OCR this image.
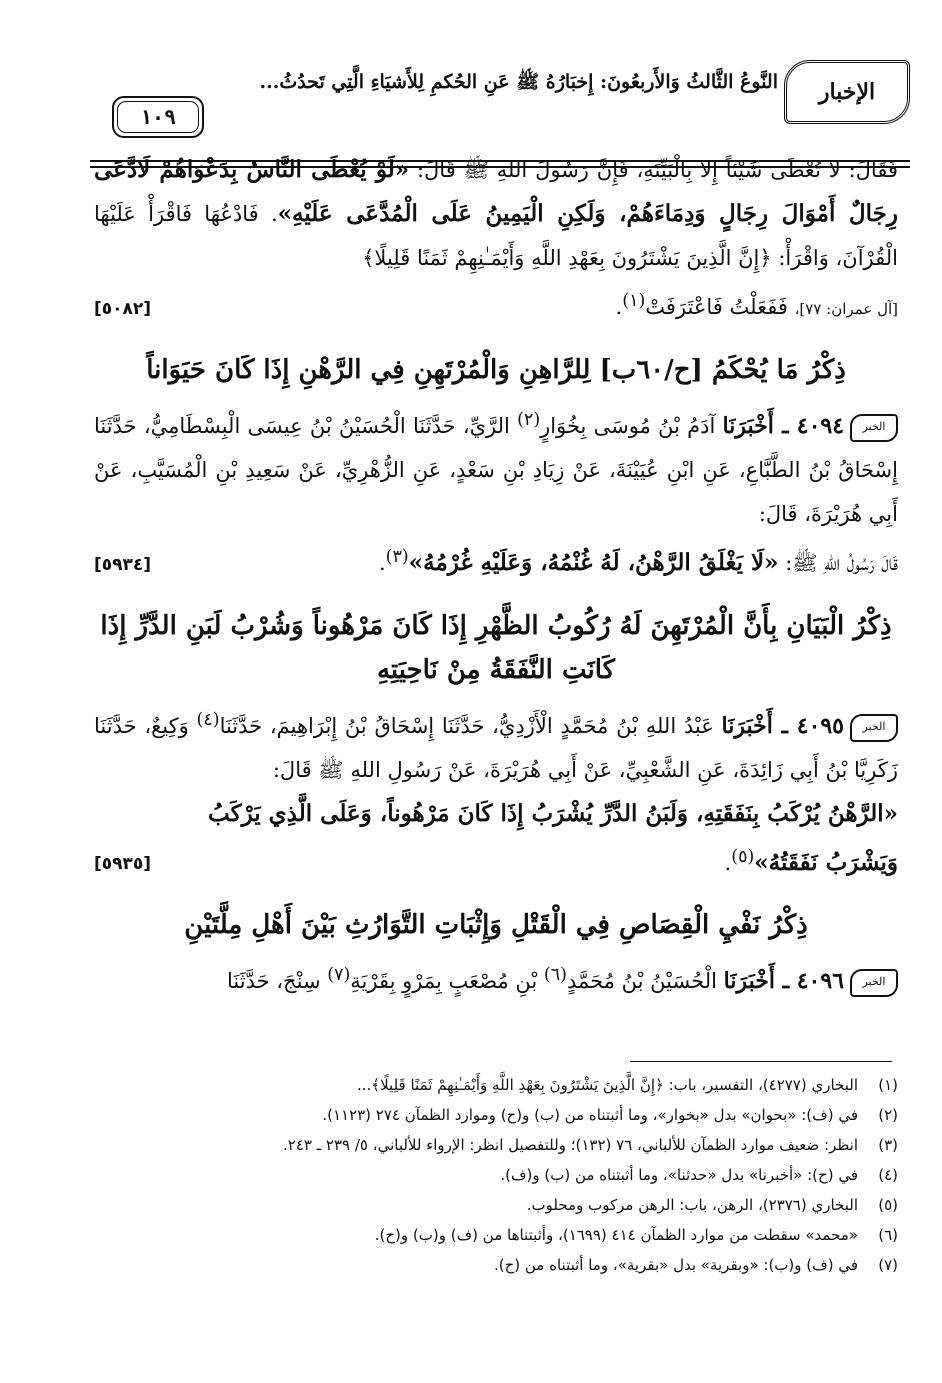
الإخبار
النَّوعُ الثَّالثُ وَالأَربعُونَ: إِخبَارُهُ ﷺ عَنِ الحُكمِ لِلأَشيَاءِ الَّتِي تَحدُثُ...
١٠٩

فَقَالَ: لا تُعْطَى شَيْئاً إِلا بِالْبَيِّنَةِ، فَإِنَّ رَسُولَ اللهِ ﷺ قَالَ: «لَوْ يُعْطَى النَّاسُ بِدَعْوَاهُمْ لَادَّعَى رِجَالٌ أَمْوَالَ رِجَالٍ وَدِمَاءَهُمْ، وَلَكِنِ الْيَمِينُ عَلَى الْمُدَّعَى عَلَيْهِ». فَادْعُهَا فَاقْرَأْ عَلَيْهَا الْقُرْآنَ، وَاقْرَأْ: ﴿إِنَّ الَّذِينَ يَشْتَرُونَ بِعَهْدِ اللَّهِ وَأَيْمَـٰنِهِمْ ثَمَنًا قَلِيلًا﴾

[آل عمران: ٧٧]، فَفَعَلْتُ فَاعْتَرَفَتْ$^{(١)}$.
[٥٠٨٢]
ذِكْرُ مَا يُحْكَمُ [ح/٦٠ب] لِلرَّاهِنِ وَالْمُرْتَهِنِ فِي الرَّهْنِ إِذَا كَانَ حَيَوَاناً

الخبر٤٠٩٤ ـ أَخْبَرَنَا آدَمُ بْنُ مُوسَى بِخُوَارٍ$^{(٢)}$ الرَّيِّ، حَدَّثَنَا الْحُسَيْنُ بْنُ عِيسَى الْبِسْطَامِيُّ، حَدَّثَنَا إِسْحَاقُ بْنُ الطَّبَّاعِ، عَنِ ابْنِ عُيَيْنَةَ، عَنْ زِيَادِ بْنِ سَعْدٍ، عَنِ الزُّهْرِيِّ، عَنْ سَعِيدِ بْنِ الْمُسَيَّبِ، عَنْ أَبِي هُرَيْرَةَ، قَالَ:

قَالَ رَسُولُ اللهِ ﷺ: «لَا يَغْلَقُ الرَّهْنُ، لَهُ غُنْمُهُ، وَعَلَيْهِ غُرْمُهُ»$^{(٣)}$.
[٥٩٣٤]
ذِكْرُ الْبَيَانِ بِأَنَّ الْمُرْتَهِنَ لَهُ رُكُوبُ الظَّهْرِ إِذَا كَانَ مَرْهُوناً وَشُرْبُ لَبَنِ الدَّرِّ إِذَا كَانَتِ النَّفَقَةُ مِنْ نَاحِيَتِهِ

الخبر٤٠٩٥ ـ أَخْبَرَنَا عَبْدُ اللهِ بْنُ مُحَمَّدٍ الْأَزْدِيُّ، حَدَّثَنَا إِسْحَاقُ بْنُ إِبْرَاهِيمَ، حَدَّثَنَا$^{(٤)}$ وَكِيعٌ، حَدَّثَنَا زَكَرِيَّا بْنُ أَبِي زَائِدَةَ، عَنِ الشَّعْبِيِّ، عَنْ أَبِي هُرَيْرَةَ، عَنْ رَسُولِ اللهِ ﷺ قَالَ:

«الرَّهْنُ يُرْكَبُ بِنَفَقَتِهِ، وَلَبَنُ الدَّرِّ يُشْرَبُ إِذَا كَانَ مَرْهُوناً، وَعَلَى الَّذِي يَرْكَبُ وَيَشْرَبُ نَفَقَتُهُ»$^{(٥)}$.
[٥٩٣٥]
ذِكْرُ نَفْيِ الْقِصَاصِ فِي الْقَتْلِ وَإِثْبَاتِ التَّوَارُثِ بَيْنَ أَهْلِ مِلَّتَيْنِ

الخبر٤٠٩٦ ـ أَخْبَرَنَا الْحُسَيْنُ بْنُ مُحَمَّدٍ$^{(٦)}$ بْنِ مُصْعَبٍ بِمَرْوٍ بِقَرْيَةِ$^{(٧)}$ سِنْجَ، حَدَّثَنَا

(١)
البخاري (٤٢٧٧)، التفسير، باب: ﴿إِنَّ الَّذِينَ يَشْتَرُونَ بِعَهْدِ اللَّهِ وَأَيْمَـٰنِهِمْ ثَمَنًا قَلِيلًا﴾...
(٢)
في (ف): «بحوان» بدل «بخوار»، وما أثبتناه من (ب) و(ح) وموارد الظمآن ٢٧٤ (١١٢٣).
(٣)
انظر: ضعيف موارد الظمآن للألباني، ٧٦ (١٣٢)؛ وللتفصيل انظر: الإرواء للألباني، ٥/ ٢٣٩ ـ ٢٤٣.
(٤)
في (ح): «أخبرنا» بدل «حدثنا»، وما أثبتناه من (ب) و(ف).
(٥)
البخاري (٢٣٧٦)، الرهن، باب: الرهن مركوب ومحلوب.
(٦)
«محمد» سقطت من موارد الظمآن ٤١٤ (١٦٩٩)، وأثبتناها من (ف) و(ب) و(ح).
(٧)
في (ف) و(ب): «وبقرية» بدل «بقرية»، وما أثبتناه من (ح).
